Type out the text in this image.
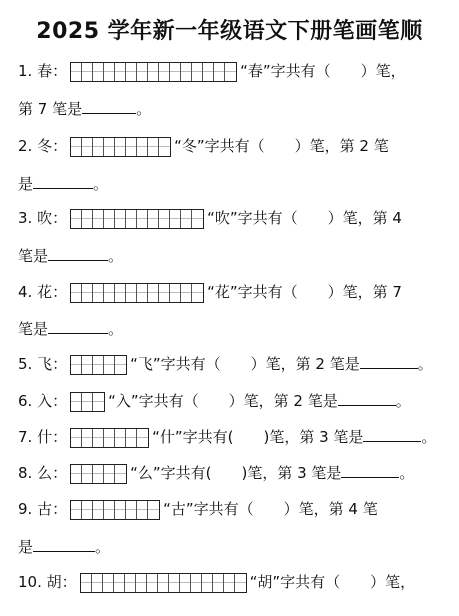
2025 学年新一年级语文下册笔画笔顺
1. 春：	“春”字共有（　　）笔，
第 7 笔是	。
2. 冬：	“冬”字共有（　　）笔，第 2 笔
是	。
3. 吹：	“吹”字共有（　　）笔，第 4
笔是	。
4. 花：	“花”字共有（　　）笔，第 7
笔是	。
5. 飞：	“飞”字共有（　　）笔，第 2 笔是	。
6. 入：	“入”字共有（　　）笔，第 2 笔是	。
7. 什：	“什”字共有(　　)笔，第 3 笔是	。
8. 么：	“么”字共有(　　)笔，第 3 笔是	。
9. 古：	“古”字共有（　　）笔，第 4 笔
是	。
10. 胡：	“胡”字共有（　　）笔，
